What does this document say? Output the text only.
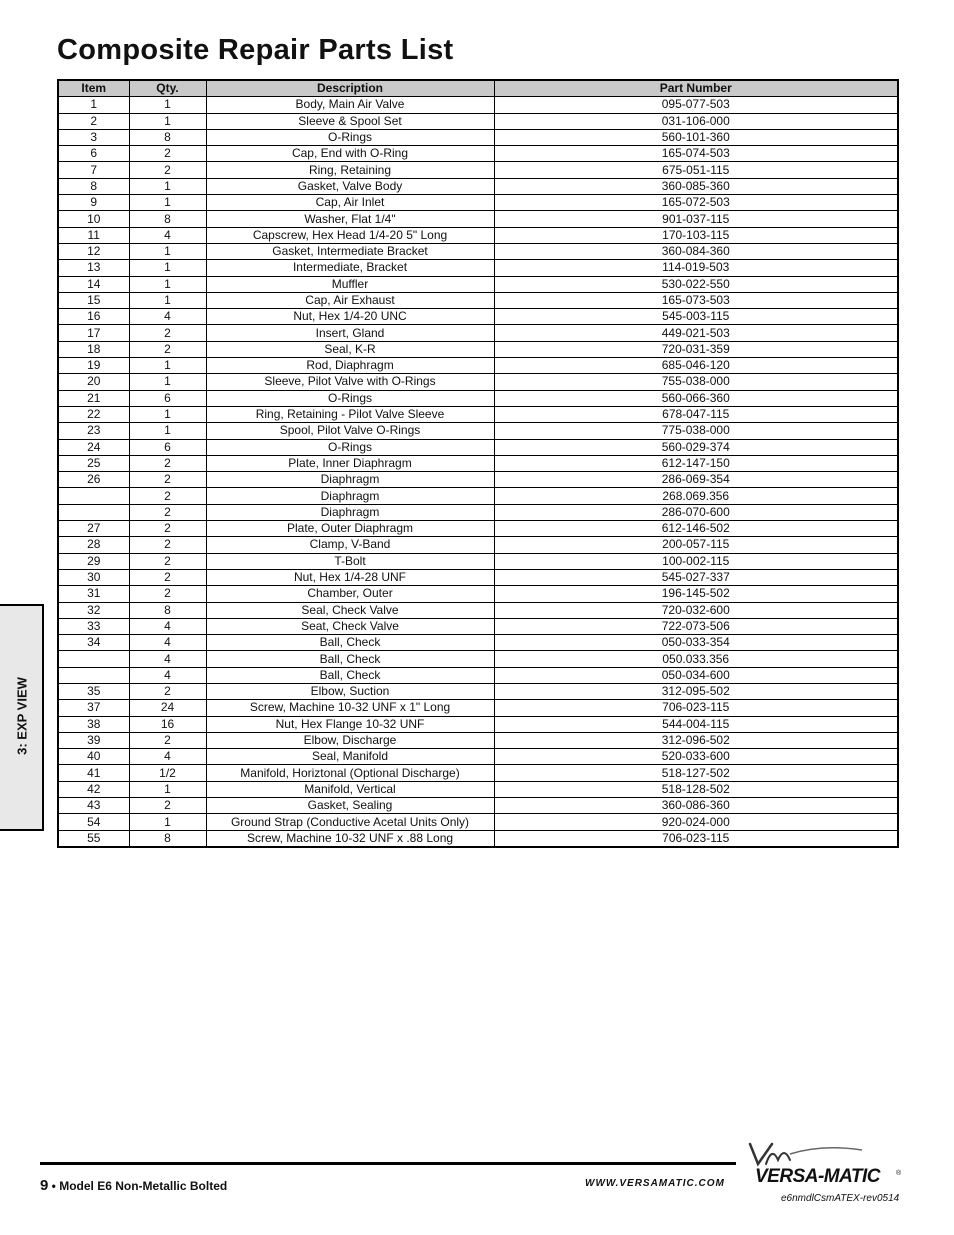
Composite Repair Parts List
Item	Qty.	Description	Part Number
1	1	Body, Main Air Valve	095-077-503
2	1	Sleeve & Spool Set	031-106-000
3	8	O-Rings	560-101-360
6	2	Cap, End with O-Ring	165-074-503
7	2	Ring, Retaining	675-051-115
8	1	Gasket, Valve Body	360-085-360
9	1	Cap, Air Inlet	165-072-503
10	8	Washer, Flat 1/4"	901-037-115
11	4	Capscrew, Hex Head 1/4-20 5" Long	170-103-115
12	1	Gasket, Intermediate Bracket	360-084-360
13	1	Intermediate, Bracket	114-019-503
14	1	Muffler	530-022-550
15	1	Cap, Air Exhaust	165-073-503
16	4	Nut, Hex 1/4-20 UNC	545-003-115
17	2	Insert, Gland	449-021-503
18	2	Seal, K-R	720-031-359
19	1	Rod, Diaphragm	685-046-120
20	1	Sleeve, Pilot Valve with O-Rings	755-038-000
21	6	O-Rings	560-066-360
22	1	Ring, Retaining - Pilot Valve Sleeve	678-047-115
23	1	Spool, Pilot Valve O-Rings	775-038-000
24	6	O-Rings	560-029-374
25	2	Plate, Inner Diaphragm	612-147-150
26	2	Diaphragm	286-069-354
	2	Diaphragm	268.069.356
	2	Diaphragm	286-070-600
27	2	Plate, Outer Diaphragm	612-146-502
28	2	Clamp, V-Band	200-057-115
29	2	T-Bolt	100-002-115
30	2	Nut, Hex 1/4-28 UNF	545-027-337
31	2	Chamber, Outer	196-145-502
32	8	Seal, Check Valve	720-032-600
33	4	Seat, Check Valve	722-073-506
34	4	Ball, Check	050-033-354
	4	Ball, Check	050.033.356
	4	Ball, Check	050-034-600
35	2	Elbow, Suction	312-095-502
37	24	Screw, Machine 10-32 UNF x 1" Long	706-023-115
38	16	Nut, Hex Flange 10-32 UNF	544-004-115
39	2	Elbow, Discharge	312-096-502
40	4	Seal, Manifold	520-033-600
41	1/2	Manifold, Horiztonal (Optional Discharge)	518-127-502
42	1	Manifold, Vertical	518-128-502
43	2	Gasket, Sealing	360-086-360
54	1	Ground Strap (Conductive Acetal Units Only)	920-024-000
55	8	Screw, Machine 10-32 UNF x .88 Long	706-023-115
3: EXP VIEW
9 • Model E6 Non-Metallic Bolted	WWW.VERSAMATIC.COM VERSA-MATIC ®
e6nmdlCsmATEX-rev0514
